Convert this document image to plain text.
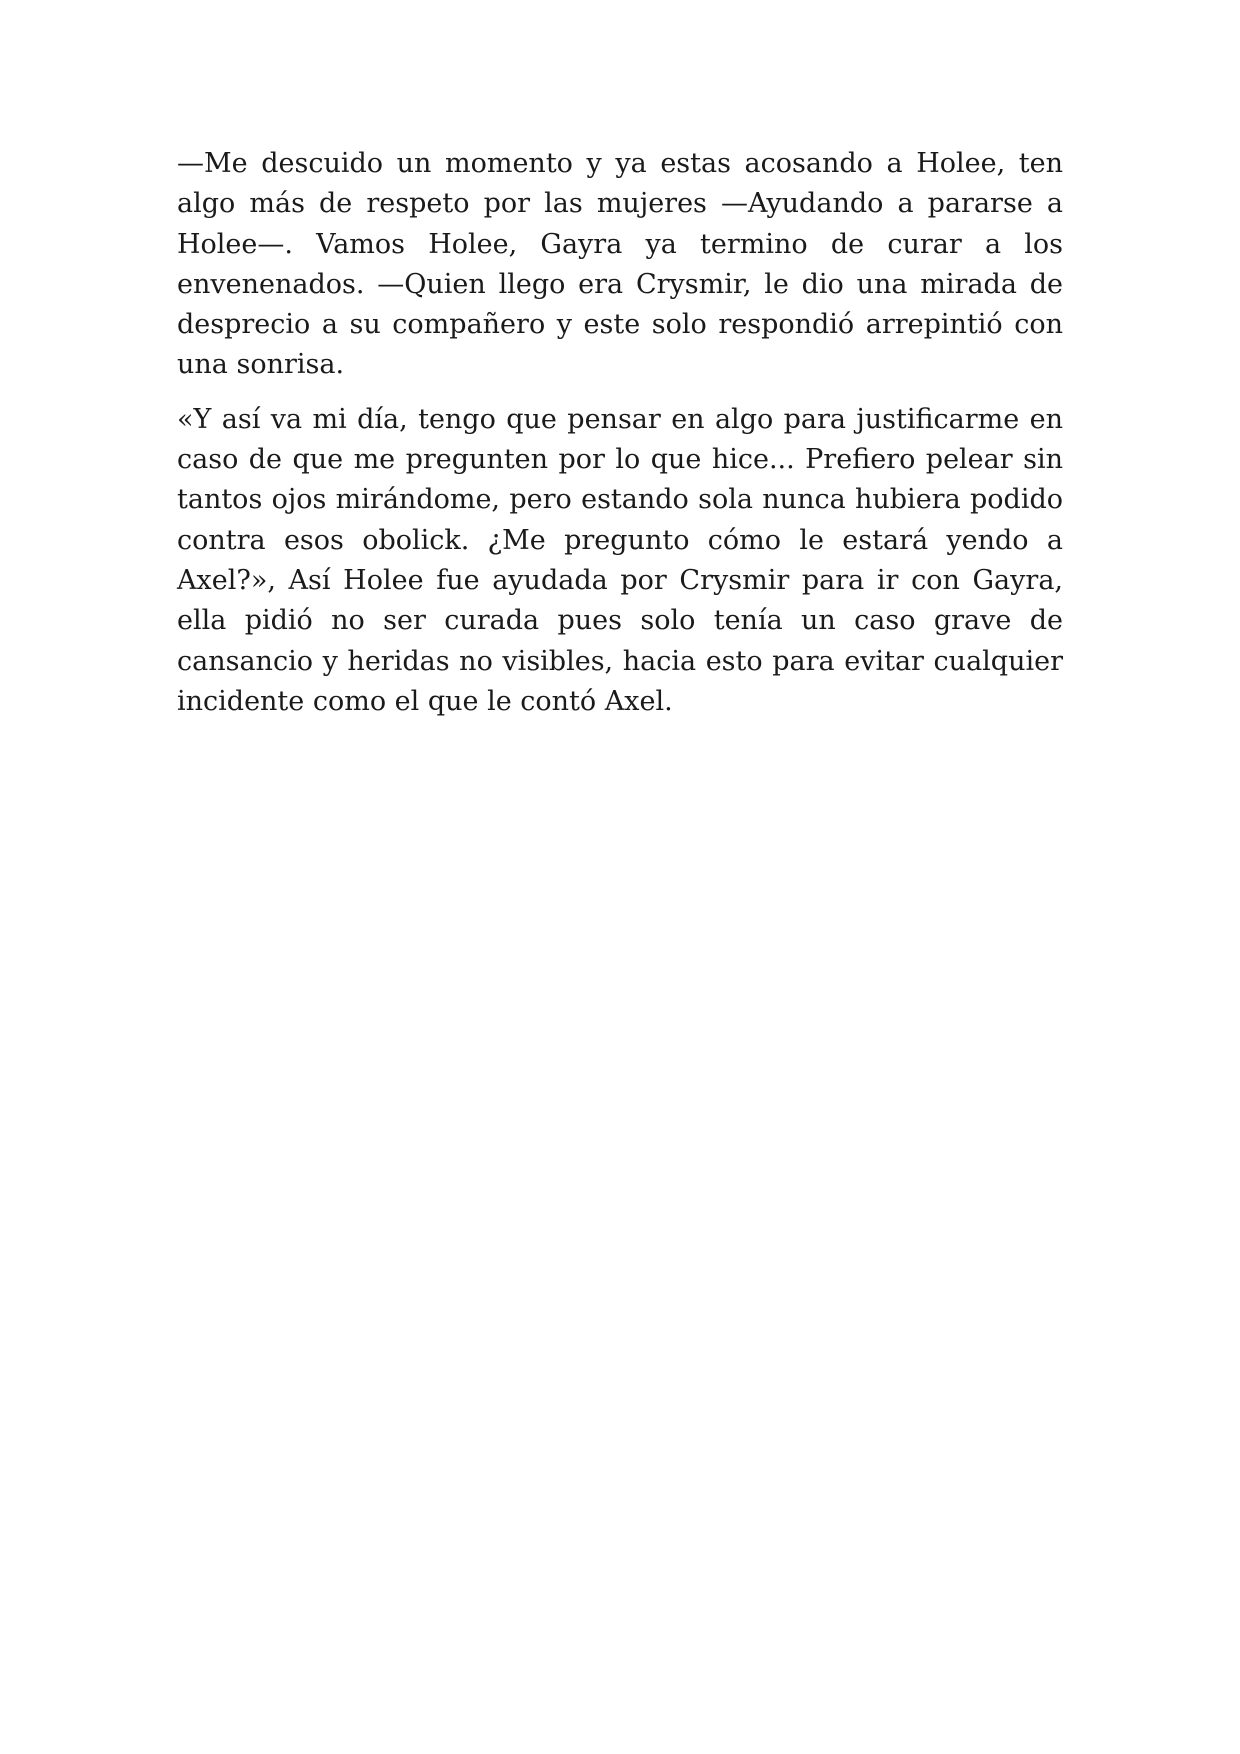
—Me descuido un momento y ya estas acosando a Holee, ten algo más de respeto por las mujeres —Ayudando a pararse a Holee—. Vamos Holee, Gayra ya termino de curar a los envenenados. —Quien llego era Crysmir, le dio una mirada de desprecio a su compañero y este solo respondió arrepintió con una sonrisa.

«Y así va mi día, tengo que pensar en algo para justificarme en caso de que me pregunten por lo que hice... Prefiero pelear sin tantos ojos mirándome, pero estando sola nunca hubiera podido contra esos obolick. ¿Me pregunto cómo le estará yendo a Axel?», Así Holee fue ayudada por Crysmir para ir con Gayra, ella pidió no ser curada pues solo tenía un caso grave de cansancio y heridas no visibles, hacia esto para evitar cualquier incidente como el que le contó Axel.
